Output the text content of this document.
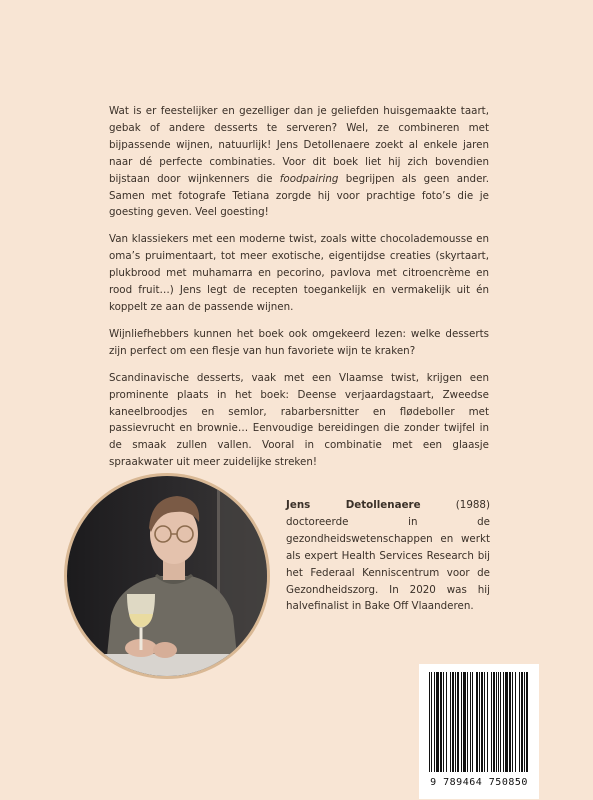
Wat is er feestelijker en gezelliger dan je geliefden huisgemaakte taart, gebak of andere desserts te serveren? Wel, ze combineren met bijpassende wijnen, natuurlijk! Jens Detollenaere zoekt al enkele jaren naar dé perfecte combinaties. Voor dit boek liet hij zich bovendien bijstaan door wijnkenners die foodpairing begrijpen als geen ander. Samen met fotografe Tetiana zorgde hij voor prachtige foto’s die je goesting geven. Veel goesting!

Van klassiekers met een moderne twist, zoals witte chocolademousse en oma’s pruimentaart, tot meer exotische, eigentijdse creaties (skyrtaart, plukbrood met muhamarra en pecorino, pavlova met citroencrème en rood fruit…) Jens legt de recepten toegankelijk en vermakelijk uit én koppelt ze aan de passende wijnen.

Wijnliefhebbers kunnen het boek ook omgekeerd lezen: welke desserts zijn perfect om een flesje van hun favoriete wijn te kraken?

Scandinavische desserts, vaak met een Vlaamse twist, krijgen een prominente plaats in het boek: Deense verjaardagstaart, Zweedse kaneelbroodjes en semlor, rabarbersnitter en flødeboller met passievrucht en brownie… Eenvoudige bereidingen die zonder twijfel in de smaak zullen vallen. Vooral in combinatie met een glaasje spraakwater uit meer zuidelijke streken!

Jens Detollenaere (1988) doctoreerde in de gezondheidswetenschappen en werkt als expert Health Services Research bij het Federaal Kenniscentrum voor de Gezondheidszorg. In 2020 was hij halvefinalist in Bake Off Vlaanderen.

9 789464 750850
